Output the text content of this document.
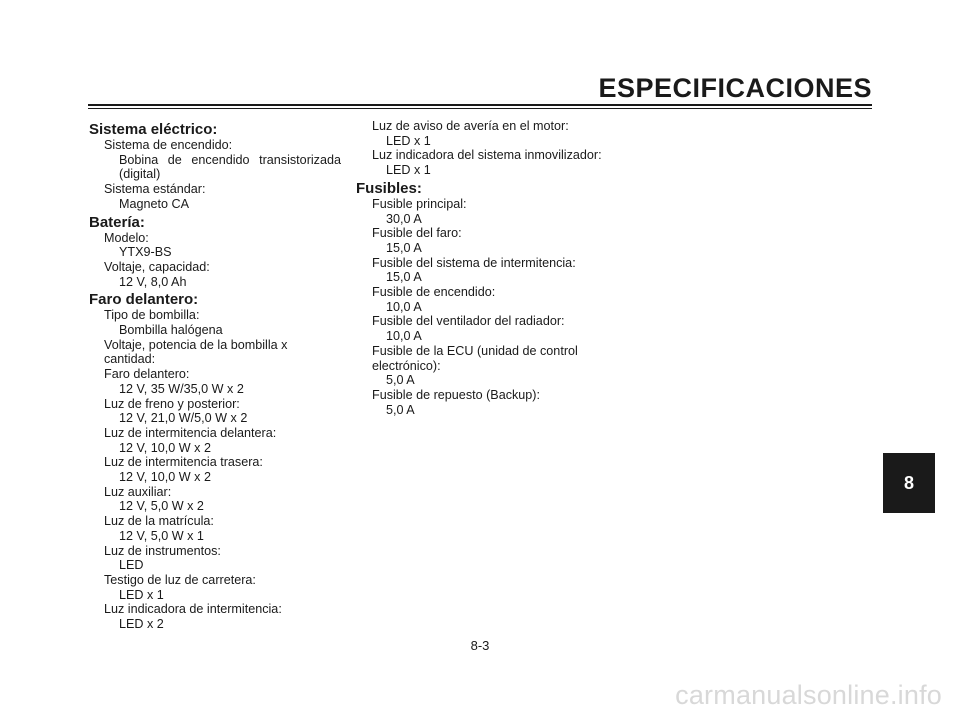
ESPECIFICACIONES
Sistema eléctrico:
Sistema de encendido:
Bobina de encendido transistorizada
(digital)
Sistema estándar:
Magneto CA
Batería:
Modelo:
YTX9-BS
Voltaje, capacidad:
12 V, 8,0 Ah
Faro delantero:
Tipo de bombilla:
Bombilla halógena
Voltaje, potencia de la bombilla x cantidad:
Faro delantero:
12 V, 35 W/35,0 W x 2
Luz de freno y posterior:
12 V, 21,0 W/5,0 W x 2
Luz de intermitencia delantera:
12 V, 10,0 W x 2
Luz de intermitencia trasera:
12 V, 10,0 W x 2
Luz auxiliar:
12 V, 5,0 W x 2
Luz de la matrícula:
12 V, 5,0 W x 1
Luz de instrumentos:
LED
Testigo de luz de carretera:
LED x 1
Luz indicadora de intermitencia:
LED x 2
Luz de aviso de avería en el motor:
LED x 1
Luz indicadora del sistema inmovilizador:
LED x 1
Fusibles:
Fusible principal:
30,0 A
Fusible del faro:
15,0 A
Fusible del sistema de intermitencia:
15,0 A
Fusible de encendido:
10,0 A
Fusible del ventilador del radiador:
10,0 A
Fusible de la ECU (unidad de control
electrónico):
5,0 A
Fusible de repuesto (Backup):
5,0 A
8
8-3
carmanualsonline.info
